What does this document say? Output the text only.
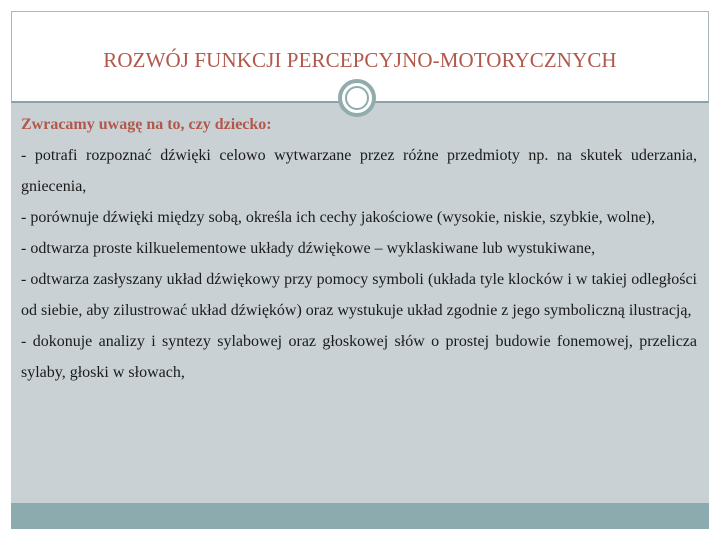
ROZWÓJ FUNKCJI PERCEPCYJNO-MOTORYCZNYCH
Zwracamy uwagę na to, czy dziecko:
- potrafi rozpoznać dźwięki celowo wytwarzane przez różne przedmioty np. na skutek uderzania, gniecenia,
- porównuje dźwięki między sobą, określa ich cechy jakościowe (wysokie, niskie, szybkie, wolne),
- odtwarza proste kilkuelementowe układy dźwiękowe – wyklaskiwane lub wystukiwane,
- odtwarza zasłyszany układ dźwiękowy przy pomocy symboli (układa tyle klocków i w takiej odległości od siebie, aby zilustrować układ dźwięków) oraz wystukuje układ zgodnie z jego symboliczną ilustracją,
- dokonuje analizy i syntezy sylabowej oraz głoskowej słów o prostej budowie fonemowej, przelicza sylaby, głoski w słowach,
